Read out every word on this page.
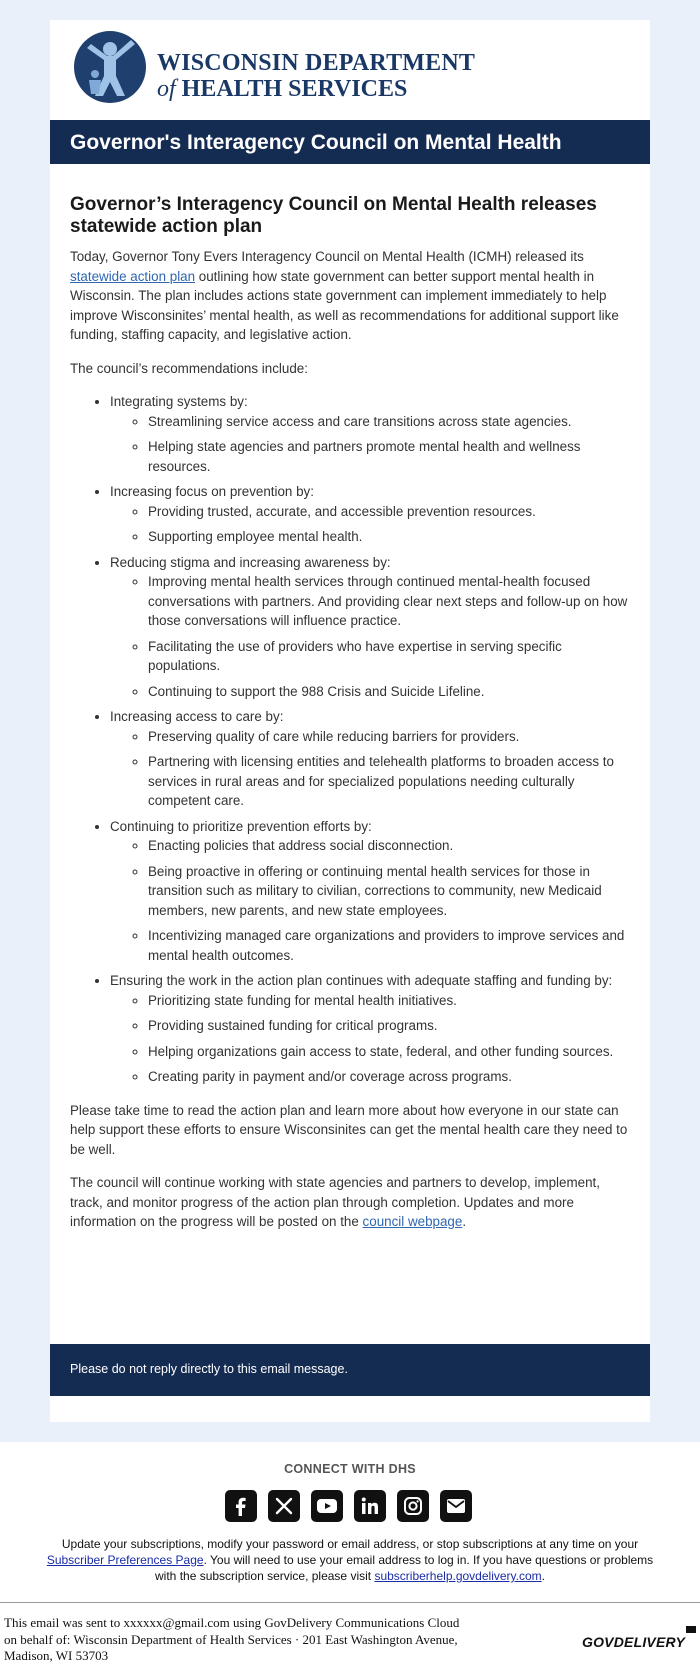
WISCONSIN DEPARTMENT
of HEALTH SERVICES
Governor's Interagency Council on Mental Health
Governor’s Interagency Council on Mental Health releases statewide action plan

Today, Governor Tony Evers Interagency Council on Mental Health (ICMH) released its statewide action plan outlining how state government can better support mental health in Wisconsin. The plan includes actions state government can implement immediately to help improve Wisconsinites’ mental health, as well as recommendations for additional support like funding, staffing capacity, and legislative action.

The council’s recommendations include:

• Integrating systems by:
◦ Streamlining service access and care transitions across state agencies.
◦ Helping state agencies and partners promote mental health and wellness resources.
• Increasing focus on prevention by:
◦ Providing trusted, accurate, and accessible prevention resources.
◦ Supporting employee mental health.
• Reducing stigma and increasing awareness by:
◦ Improving mental health services through continued mental-health focused conversations with partners. And providing clear next steps and follow-up on how those conversations will influence practice.
◦ Facilitating the use of providers who have expertise in serving specific populations.
◦ Continuing to support the 988 Crisis and Suicide Lifeline.
• Increasing access to care by:
◦ Preserving quality of care while reducing barriers for providers.
◦ Partnering with licensing entities and telehealth platforms to broaden access to services in rural areas and for specialized populations needing culturally competent care.
• Continuing to prioritize prevention efforts by:
◦ Enacting policies that address social disconnection.
◦ Being proactive in offering or continuing mental health services for those in transition such as military to civilian, corrections to community, new Medicaid members, new parents, and new state employees.
◦ Incentivizing managed care organizations and providers to improve services and mental health outcomes.
• Ensuring the work in the action plan continues with adequate staffing and funding by:
◦ Prioritizing state funding for mental health initiatives.
◦ Providing sustained funding for critical programs.
◦ Helping organizations gain access to state, federal, and other funding sources.
◦ Creating parity in payment and/or coverage across programs.

Please take time to read the action plan and learn more about how everyone in our state can help support these efforts to ensure Wisconsinites can get the mental health care they need to be well.

The council will continue working with state agencies and partners to develop, implement, track, and monitor progress of the action plan through completion. Updates and more information on the progress will be posted on the council webpage.

Please do not reply directly to this email message.
CONNECT WITH DHS
Update your subscriptions, modify your password or email address, or stop subscriptions at any time on your Subscriber Preferences Page. You will need to use your email address to log in. If you have questions or problems with the subscription service, please visit subscriberhelp.govdelivery.com.
This email was sent to xxxxxx@gmail.com using GovDelivery Communications Cloud
on behalf of: Wisconsin Department of Health Services · 201 East Washington Avenue,
Madison, WI 53703
GOVDELIVERY
